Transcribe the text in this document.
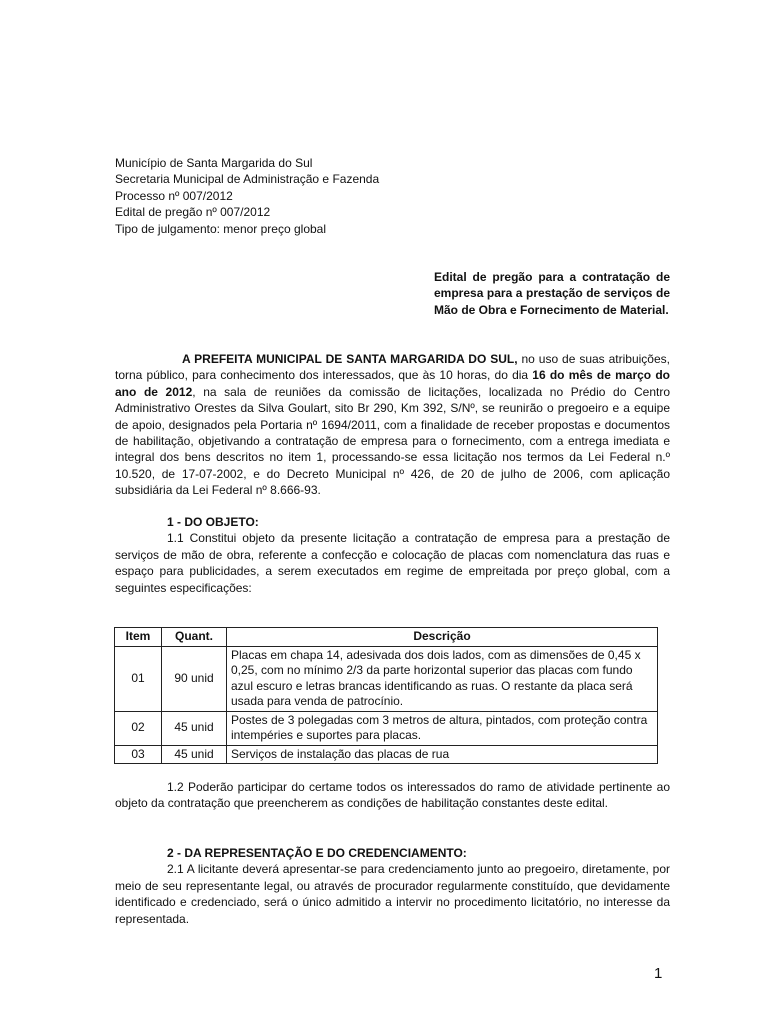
Município de Santa Margarida do Sul
Secretaria Municipal de Administração e Fazenda
Processo nº 007/2012
Edital de pregão nº 007/2012
Tipo de julgamento: menor preço global
Edital de pregão para a contratação de empresa para a prestação de serviços de Mão de Obra e Fornecimento de Material.
A PREFEITA MUNICIPAL DE SANTA MARGARIDA DO SUL, no uso de suas atribuições, torna público, para conhecimento dos interessados, que às 10 horas, do dia 16 do mês de março do ano de 2012, na sala de reuniões da comissão de licitações, localizada no Prédio do Centro Administrativo Orestes da Silva Goulart, sito Br 290, Km 392, S/Nº, se reunirão o pregoeiro e a equipe de apoio, designados pela Portaria nº 1694/2011, com a finalidade de receber propostas e documentos de habilitação, objetivando a contratação de empresa para o fornecimento, com a entrega imediata e integral dos bens descritos no item 1, processando-se essa licitação nos termos da Lei Federal n.º 10.520, de 17-07-2002, e do Decreto Municipal nº 426, de 20 de julho de 2006, com aplicação subsidiária da Lei Federal nº 8.666-93.
1 - DO OBJETO:
1.1 Constitui objeto da presente licitação a contratação de empresa para a prestação de serviços de mão de obra, referente a confecção e colocação de placas com nomenclatura das ruas e espaço para publicidades, a serem executados em regime de empreitada por preço global, com a seguintes especificações:
Item	Quant.	Descrição
01	90 unid	Placas em chapa 14, adesivada dos dois lados, com as dimensões de 0,45 x 0,25, com no mínimo 2/3 da parte horizontal superior das placas com fundo azul escuro e letras brancas identificando as ruas. O restante da placa será usada para venda de patrocínio.
02	45 unid	Postes de 3 polegadas com 3 metros de altura, pintados, com proteção contra intempéries e suportes para placas.
03	45 unid	Serviços de instalação das placas de rua
1.2 Poderão participar do certame todos os interessados do ramo de atividade pertinente ao objeto da contratação que preencherem as condições de habilitação constantes deste edital.
2 - DA REPRESENTAÇÃO E DO CREDENCIAMENTO:
2.1 A licitante deverá apresentar-se para credenciamento junto ao pregoeiro, diretamente, por meio de seu representante legal, ou através de procurador regularmente constituído, que devidamente identificado e credenciado, será o único admitido a intervir no procedimento licitatório, no interesse da representada.
1
